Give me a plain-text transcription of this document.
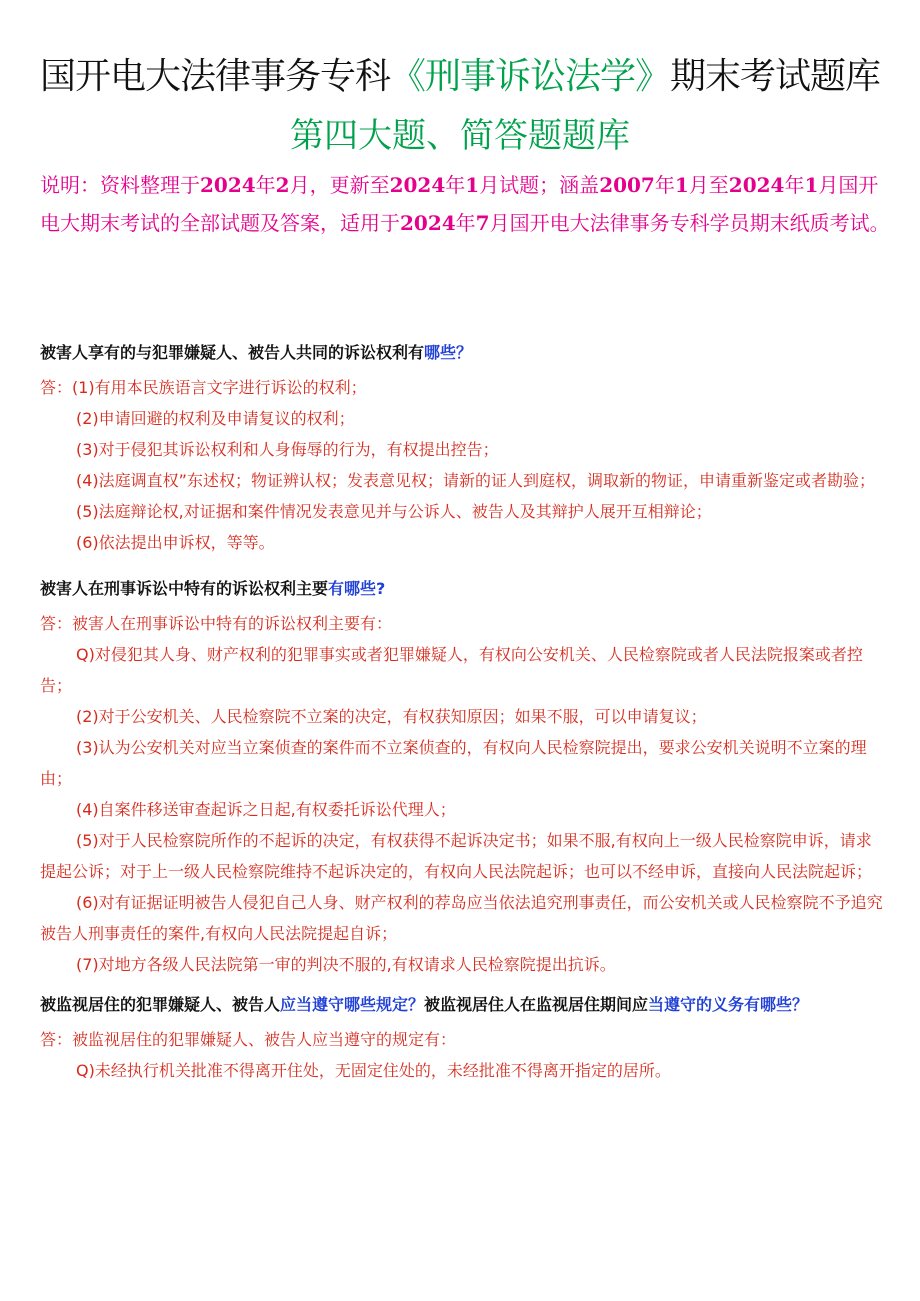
国开电大法律事务专科《刑事诉讼法学》期末考试题库
第四大题、简答题题库
说明：资料整理于2024年2月，更新至2024年1月试题；涵盖2007年1月至2024年1月国开电大期末考试的全部试题及答案，适用于2024年7月国开电大法律事务专科学员期末纸质考试。

被害人享有的与犯罪嫌疑人、被告人共同的诉讼权利有哪些？

答：(1)有用本民族语言文字进行诉讼的权利；

(2)申请回避的权利及申请复议的权利；

(3)对于侵犯其诉讼权利和人身侮辱的行为，有权提出控告；

(4)法庭调直权”东述权；物证辨认权；发表意见权；请新的证人到庭权，调取新的物证，申请重新鉴定或者勘验；

(5)法庭辩论权,对证据和案件情况发表意见并与公诉人、被告人及其辩护人展开互相辩论；

(6)依法提出申诉权，等等。

被害人在刑事诉讼中特有的诉讼权利主要有哪些?

答：被害人在刑事诉讼中特有的诉讼权利主要有：

Q)对侵犯其人身、财产权利的犯罪事实或者犯罪嫌疑人，有权向公安机关、人民检察院或者人民法院报案或者控告；

(2)对于公安机关、人民检察院不立案的决定，有权获知原因；如果不服，可以申请复议；

(3)认为公安机关对应当立案侦查的案件而不立案侦查的，有权向人民检察院提出，要求公安机关说明不立案的理由；

(4)自案件移送审查起诉之日起,有权委托诉讼代理人；

(5)对于人民检察院所作的不起诉的决定，有权获得不起诉决定书；如果不服,有权向上一级人民检察院申诉，请求提起公诉；对于上一级人民检察院维持不起诉决定的，有权向人民法院起诉；也可以不经申诉，直接向人民法院起诉；

(6)对有证据证明被告人侵犯自己人身、财产权利的荐岛应当依法追究刑事责任，而公安机关或人民检察院不予追究被告人刑事责任的案件,有权向人民法院提起自诉；

(7)对地方各级人民法院第一审的判决不服的,有权请求人民检察院提出抗诉。

被监视居住的犯罪嫌疑人、被告人应当遵守哪些规定？被监视居住人在监视居住期间应当遵守的义务有哪些？

答：被监视居住的犯罪嫌疑人、被告人应当遵守的规定有：

Q)未经执行机关批准不得离开住处，无固定住处的，未经批准不得离开指定的居所。
